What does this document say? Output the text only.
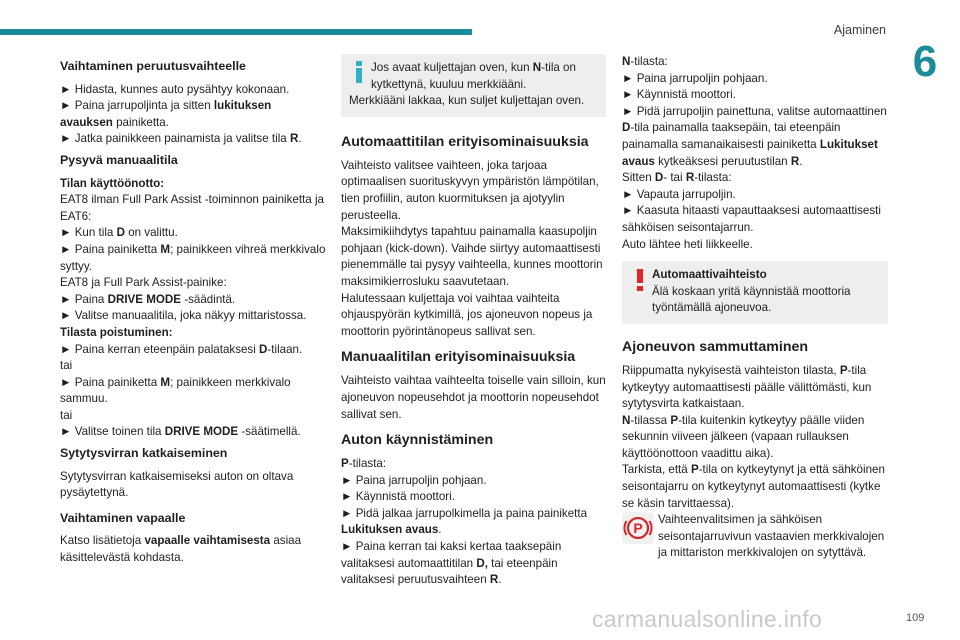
Ajaminen
6
Vaihtaminen peruutusvaihteelle

► Hidasta, kunnes auto pysähtyy kokonaan.

► Paina jarrupoljinta ja sitten lukituksen avauksen painiketta.

► Jatka painikkeen painamista ja valitse tila R.

Pysyvä manuaalitila

Tilan käyttöönotto:

EAT8 ilman Full Park Assist -toiminnon painiketta ja EAT6:

► Kun tila D on valittu.

► Paina painiketta M; painikkeen vihreä merkkivalo syttyy.

EAT8 ja Full Park Assist-painike:

► Paina DRIVE MODE -säädintä.

► Valitse manuaalitila, joka näkyy mittaristossa.

Tilasta poistuminen:

► Paina kerran eteenpäin palataksesi D-tilaan.

tai

► Paina painiketta M; painikkeen merkkivalo sammuu.

tai

► Valitse toinen tila DRIVE MODE -säätimellä.

Sytytysvirran katkaiseminen

Sytytysvirran katkaisemiseksi auton on oltava pysäytettynä.

Vaihtaminen vapaalle

Katso lisätietoja vapaalle vaihtamisesta asiaa käsittelevästä kohdasta.

Jos avaat kuljettajan oven, kun N-tila on kytkettynä, kuuluu merkkiääni.

Merkkiääni lakkaa, kun suljet kuljettajan oven.

Automaattitilan erityisominaisuuksia

Vaihteisto valitsee vaihteen, joka tarjoaa optimaalisen suorituskyvyn ympäristön lämpötilan, tien profiilin, auton kuormituksen ja ajotyylin perusteella.

Maksimikiihdytys tapahtuu painamalla kaasupoljin pohjaan (kick-down). Vaihde siirtyy automaattisesti pienemmälle tai pysyy vaihteella, kunnes moottorin maksimikierrosluku saavutetaan.

Halutessaan kuljettaja voi vaihtaa vaihteita ohjauspyörän kytkimillä, jos ajoneuvon nopeus ja moottorin pyörintänopeus sallivat sen.

Manuaalitilan erityisominaisuuksia

Vaihteisto vaihtaa vaihteelta toiselle vain silloin, kun ajoneuvon nopeusehdot ja moottorin nopeusehdot sallivat sen.

Auton käynnistäminen

P-tilasta:

► Paina jarrupoljin pohjaan.

► Käynnistä moottori.

► Pidä jalkaa jarrupolkimella ja paina painiketta Lukituksen avaus.

► Paina kerran tai kaksi kertaa taaksepäin valitaksesi automaattitilan D, tai eteenpäin valitaksesi peruutusvaihteen R.

N-tilasta:

► Paina jarrupoljin pohjaan.

► Käynnistä moottori.

► Pidä jarrupoljin painettuna, valitse automaattinen D-tila painamalla taaksepäin, tai eteenpäin painamalla samanaikaisesti painiketta Lukitukset avaus kytkeäksesi peruutustilan R.

Sitten D- tai R-tilasta:

► Vapauta jarrupoljin.

► Kaasuta hitaasti vapauttaaksesi automaattisesti sähköisen seisontajarrun.

Auto lähtee heti liikkeelle.

Automaattivaihteisto

Älä koskaan yritä käynnistää moottoria työntämällä ajoneuvoa.

Ajoneuvon sammuttaminen

Riippumatta nykyisestä vaihteiston tilasta, P-tila kytkeytyy automaattisesti päälle välittömästi, kun sytytysvirta katkaistaan.

N-tilassa P-tila kuitenkin kytkeytyy päälle viiden sekunnin viiveen jälkeen (vapaan rullauksen käyttöönottoon vaadittu aika).

Tarkista, että P-tila on kytkeytynyt ja että sähköinen seisontajarru on kytkeytynyt automaattisesti (kytke se käsin tarvittaessa).

P
Vaihteenvalitsimen ja sähköisen seisontajarruvivun vastaavien merkkivalojen ja mittariston merkkivalojen on sytyttävä.

carmanualsonline.info	109
